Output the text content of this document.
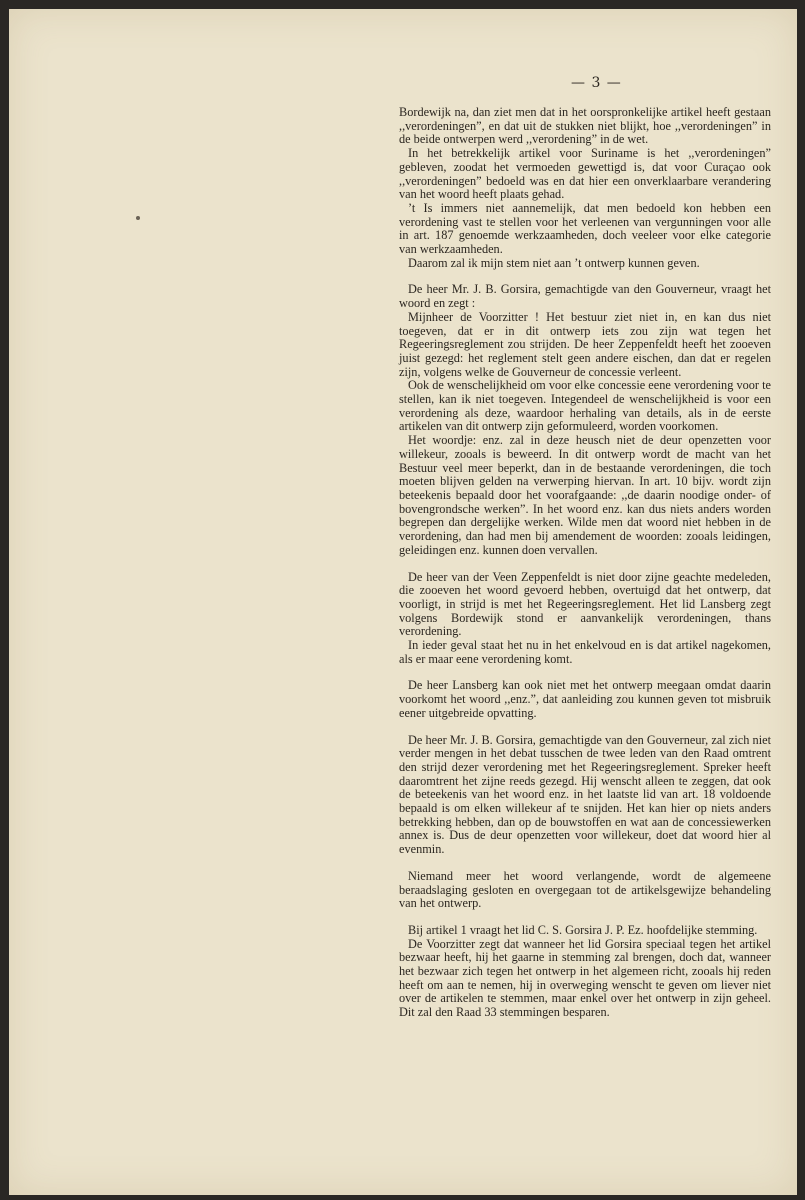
— 3 —

Bordewijk na, dan ziet men dat in het oorspronkelijke artikel heeft gestaan ,,verordeningen”, en dat uit de stukken niet blijkt, hoe ,,verordeningen” in de beide ontwerpen werd ,,verordening” in de wet.

In het betrekkelijk artikel voor Suriname is het ,,verordeningen” gebleven, zoodat het vermoeden gewettigd is, dat voor Curaçao ook ,,verordeningen” bedoeld was en dat hier een onverklaarbare verandering van het woord heeft plaats gehad.

’t Is immers niet aannemelijk, dat men bedoeld kon hebben een verordening vast te stellen voor het verleenen van vergunningen voor alle in art. 187 genoemde werkzaamheden, doch veeleer voor elke categorie van werkzaamheden.

Daarom zal ik mijn stem niet aan ’t ontwerp kunnen geven.

De heer Mr. J. B. Gorsira, gemachtigde van den Gouverneur, vraagt het woord en zegt :

Mijnheer de Voorzitter ! Het bestuur ziet niet in, en kan dus niet toegeven, dat er in dit ontwerp iets zou zijn wat tegen het Regeeringsreglement zou strijden. De heer Zeppenfeldt heeft het zooeven juist gezegd: het reglement stelt geen andere eischen, dan dat er regelen zijn, volgens welke de Gouverneur de concessie verleent.

Ook de wenschelijkheid om voor elke concessie eene verordening voor te stellen, kan ik niet toegeven. Integendeel de wenschelijkheid is voor een verordening als deze, waardoor herhaling van details, als in de eerste artikelen van dit ontwerp zijn geformuleerd, worden voorkomen.

Het woordje: enz. zal in deze heusch niet de deur openzetten voor willekeur, zooals is beweerd. In dit ontwerp wordt de macht van het Bestuur veel meer beperkt, dan in de bestaande verordeningen, die toch moeten blijven gelden na verwerping hiervan. In art. 10 bijv. wordt zijn beteekenis bepaald door het voorafgaande: ,,de daarin noodige onder- of bovengrondsche werken”. In het woord enz. kan dus niets anders worden begrepen dan dergelijke werken. Wilde men dat woord niet hebben in de verordening, dan had men bij amendement de woorden: zooals leidingen, geleidingen enz. kunnen doen vervallen.

De heer van der Veen Zeppenfeldt is niet door zijne geachte medeleden, die zooeven het woord gevoerd hebben, overtuigd dat het ontwerp, dat voorligt, in strijd is met het Regeeringsreglement. Het lid Lansberg zegt volgens Bordewijk stond er aanvankelijk verordeningen, thans verordening.

In ieder geval staat het nu in het enkelvoud en is dat artikel nagekomen, als er maar eene verordening komt.

De heer Lansberg kan ook niet met het ontwerp meegaan omdat daarin voorkomt het woord ,,enz.”, dat aanleiding zou kunnen geven tot misbruik eener uitgebreide opvatting.

De heer Mr. J. B. Gorsira, gemachtigde van den Gouverneur, zal zich niet verder mengen in het debat tusschen de twee leden van den Raad omtrent den strijd dezer verordening met het Regeeringsreglement. Spreker heeft daaromtrent het zijne reeds gezegd. Hij wenscht alleen te zeggen, dat ook de beteekenis van het woord enz. in het laatste lid van art. 18 voldoende bepaald is om elken willekeur af te snijden. Het kan hier op niets anders betrekking hebben, dan op de bouwstoffen en wat aan de concessiewerken annex is. Dus de deur openzetten voor willekeur, doet dat woord hier al evenmin.

Niemand meer het woord verlangende, wordt de algemeene beraadslaging gesloten en overgegaan tot de artikelsgewijze behandeling van het ontwerp.

Bij artikel 1 vraagt het lid C. S. Gorsira J. P. Ez. hoofdelijke stemming.

De Voorzitter zegt dat wanneer het lid Gorsira speciaal tegen het artikel bezwaar heeft, hij het gaarne in stemming zal brengen, doch dat, wanneer het bezwaar zich tegen het ontwerp in het algemeen richt, zooals hij reden heeft om aan te nemen, hij in overweging wenscht te geven om liever niet over de artikelen te stemmen, maar enkel over het ontwerp in zijn geheel. Dit zal den Raad 33 stemmingen besparen.
